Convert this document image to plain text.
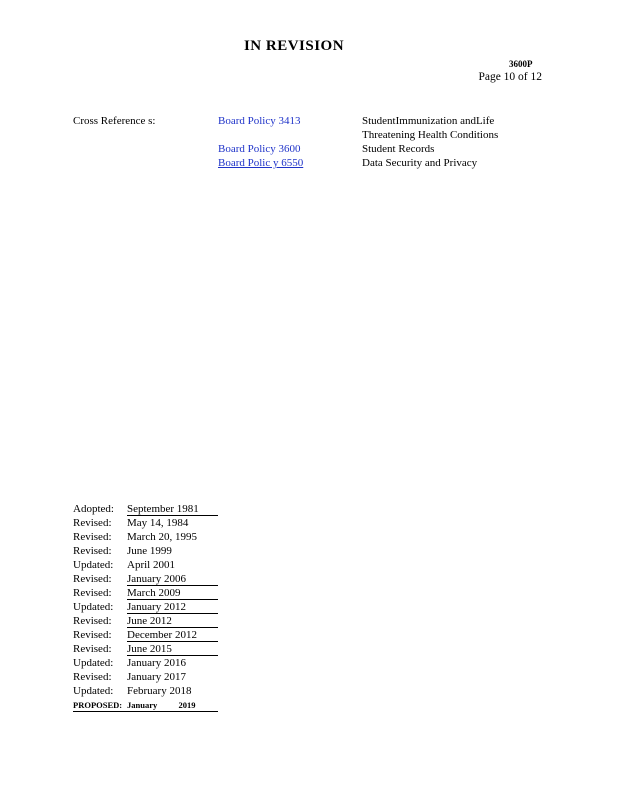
IN REVISION
3600P
Page 10 of 12
Cross Reference s:	Board Policy 3413	StudentImmunization andLife
Threatening Health Conditions
Board Policy 3600	Student Records
Board Polic y 6550	Data Security and Privacy
Adopted:	September 1981
Revised:	May 14, 1984
Revised:	March 20, 1995
Revised:	June 1999
Updated:	April 2001
Revised:	January 2006
Revised:	March 2009
Updated:	January 2012
Revised:	June 2012
Revised:	December 2012
Revised:	June 2015
Updated:	January 2016
Revised:	January 2017
Updated:	February 2018
PROPOSED: January          2019
